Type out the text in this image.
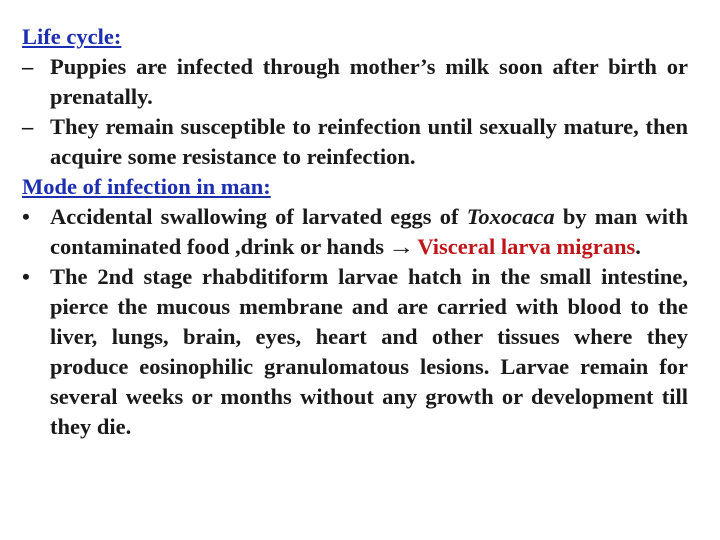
Life cycle:

– Puppies are infected through mother’s milk soon after birth or prenatally.

– They remain susceptible to reinfection until sexually mature, then acquire some resistance to reinfection.

Mode of infection in man:

• Accidental swallowing of larvated eggs of Toxocaca by man with contaminated food ,drink or hands → Visceral larva migrans.

• The 2nd stage rhabditiform larvae hatch in the small intestine, pierce the mucous membrane and are carried with blood to the liver, lungs, brain, eyes, heart and other tissues where they produce eosinophilic granulomatous lesions. Larvae remain for several weeks or months without any growth or development till they die.
